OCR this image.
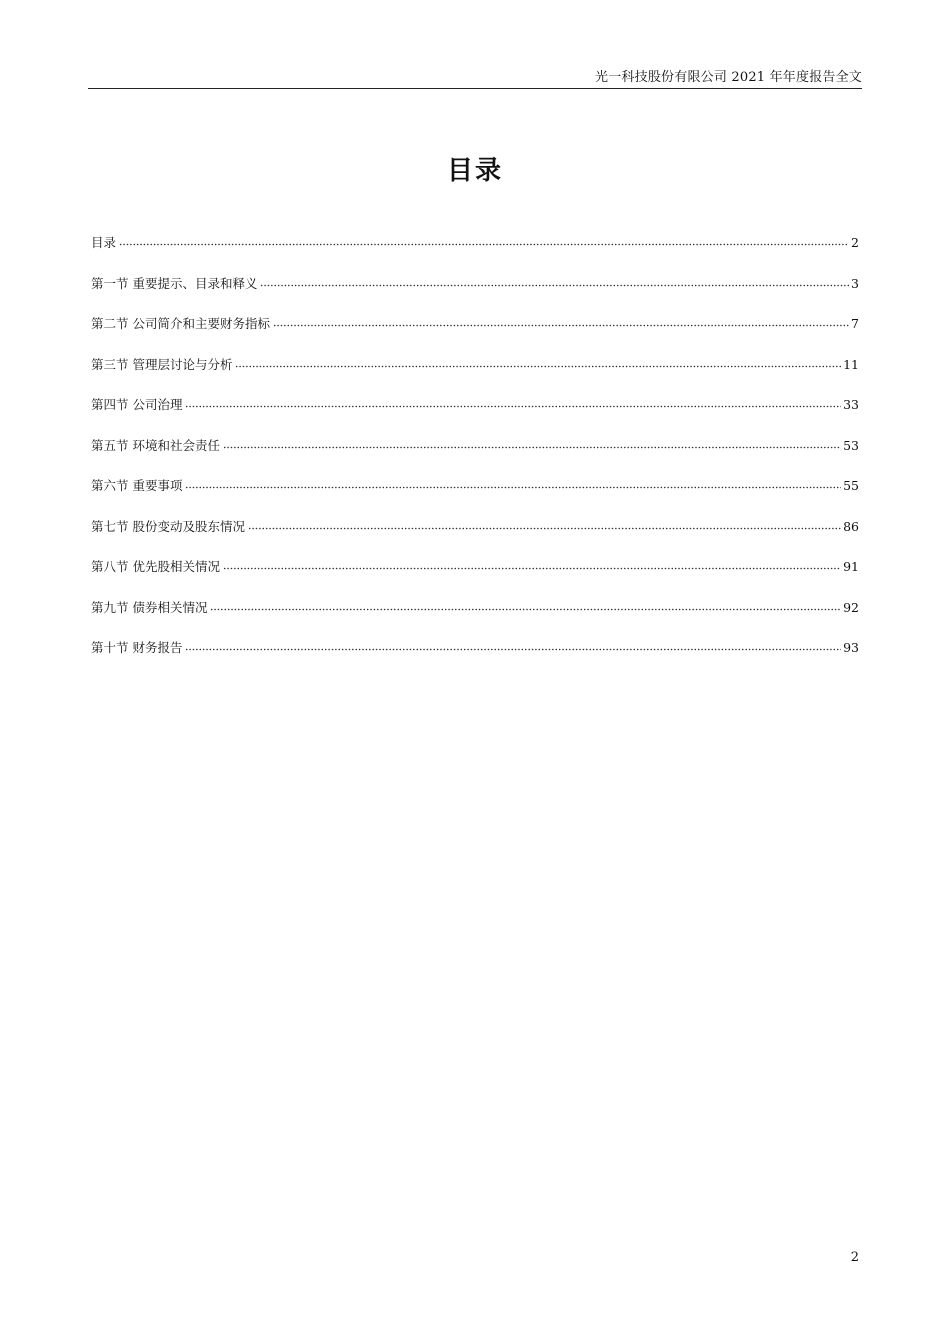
光一科技股份有限公司 2021 年年度报告全文
目录
目录	2
第一节 重要提示、目录和释义	3
第二节 公司简介和主要财务指标	7
第三节 管理层讨论与分析	11
第四节 公司治理	33
第五节 环境和社会责任	53
第六节 重要事项	55
第七节 股份变动及股东情况	86
第八节 优先股相关情况	91
第九节 债券相关情况	92
第十节 财务报告	93
2
